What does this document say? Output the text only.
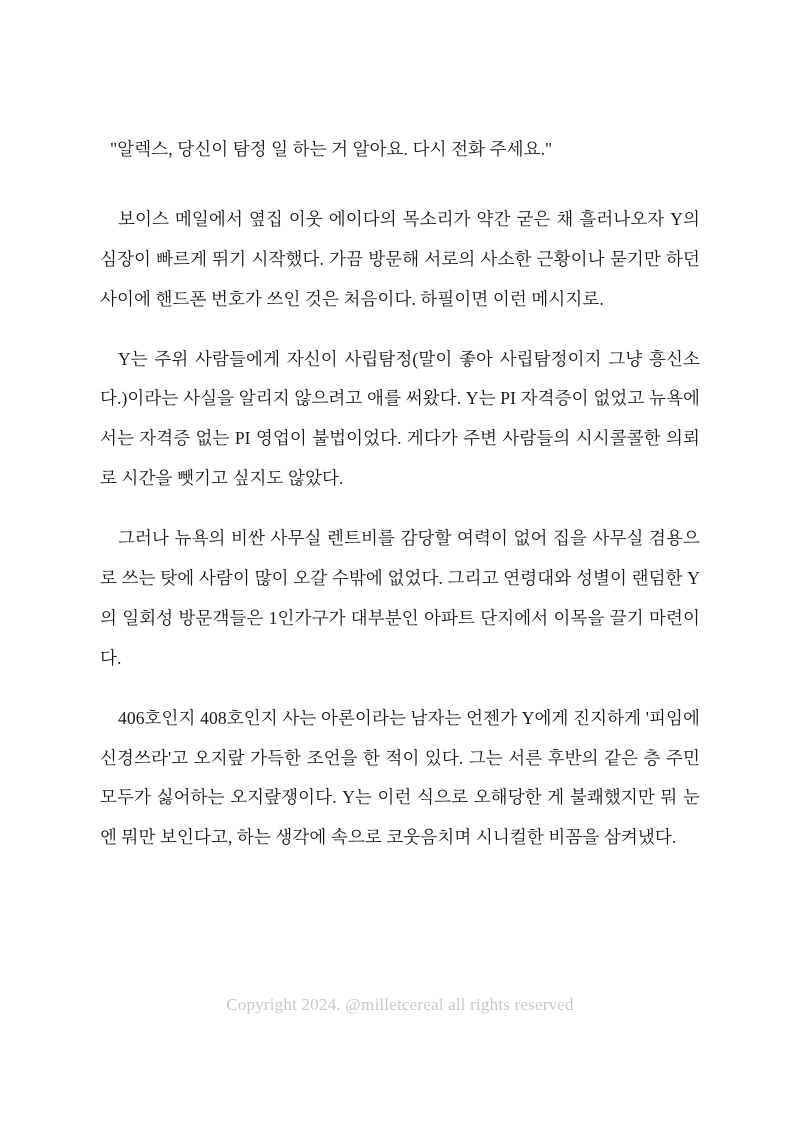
"알렉스, 당신이 탐정 일 하는 거 알아요. 다시 전화 주세요."

보이스 메일에서 옆집 이웃 에이다의 목소리가 약간 굳은 채 흘러나오자 Y의 심장이 빠르게 뛰기 시작했다. 가끔 방문해 서로의 사소한 근황이나 묻기만 하던 사이에 핸드폰 번호가 쓰인 것은 처음이다. 하필이면 이런 메시지로.

Y는 주위 사람들에게 자신이 사립탐정(말이 좋아 사립탐정이지 그냥 흥신소다.)이라는 사실을 알리지 않으려고 애를 써왔다. Y는 PI 자격증이 없었고 뉴욕에서는 자격증 없는 PI 영업이 불법이었다. 게다가 주변 사람들의 시시콜콜한 의뢰로 시간을 뺏기고 싶지도 않았다.

그러나 뉴욕의 비싼 사무실 렌트비를 감당할 여력이 없어 집을 사무실 겸용으로 쓰는 탓에 사람이 많이 오갈 수밖에 없었다. 그리고 연령대와 성별이 랜덤한 Y의 일회성 방문객들은 1인가구가 대부분인 아파트 단지에서 이목을 끌기 마련이다.

406호인지 408호인지 사는 아론이라는 남자는 언젠가 Y에게 진지하게 '피임에 신경쓰라'고 오지랖 가득한 조언을 한 적이 있다. 그는 서른 후반의 같은 층 주민 모두가 싫어하는 오지랖쟁이다. Y는 이런 식으로 오해당한 게 불쾌했지만 뭐 눈엔 뭐만 보인다고, 하는 생각에 속으로 코웃음치며 시니컬한 비꼼을 삼켜냈다.

Copyright 2024. @milletcereal all rights reserved
